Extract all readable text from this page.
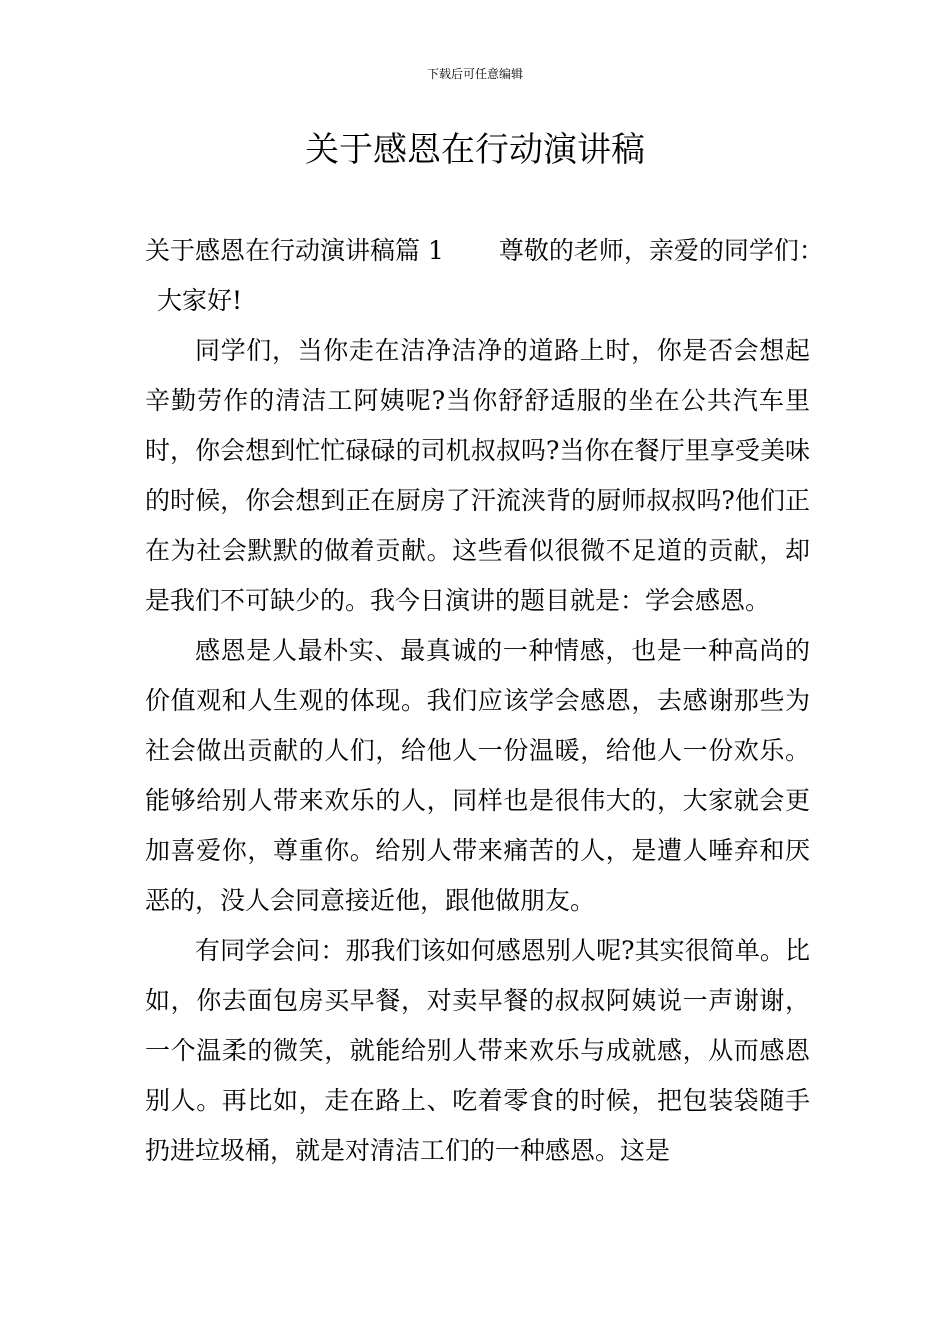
下载后可任意编辑
关于感恩在行动演讲稿
关于感恩在行动演讲稿篇 1 尊敬的老师，亲爱的同学们：
大家好!

同学们，当你走在洁净洁净的道路上时，你是否会想起辛勤劳作的清洁工阿姨呢?当你舒舒适服的坐在公共汽车里时，你会想到忙忙碌碌的司机叔叔吗?当你在餐厅里享受美味的时候，你会想到正在厨房了汗流浃背的厨师叔叔吗?他们正在为社会默默的做着贡献。这些看似很微不足道的贡献，却是我们不可缺少的。我今日演讲的题目就是：学会感恩。

感恩是人最朴实、最真诚的一种情感，也是一种高尚的价值观和人生观的体现。我们应该学会感恩，去感谢那些为社会做出贡献的人们，给他人一份温暖，给他人一份欢乐。能够给别人带来欢乐的人，同样也是很伟大的，大家就会更加喜爱你，尊重你。给别人带来痛苦的人，是遭人唾弃和厌恶的，没人会同意接近他，跟他做朋友。

有同学会问：那我们该如何感恩别人呢?其实很简单。比如，你去面包房买早餐，对卖早餐的叔叔阿姨说一声谢谢，一个温柔的微笑，就能给别人带来欢乐与成就感，从而感恩别人。再比如，走在路上、吃着零食的时候，把包装袋随手扔进垃圾桶，就是对清洁工们的一种感恩。这是
